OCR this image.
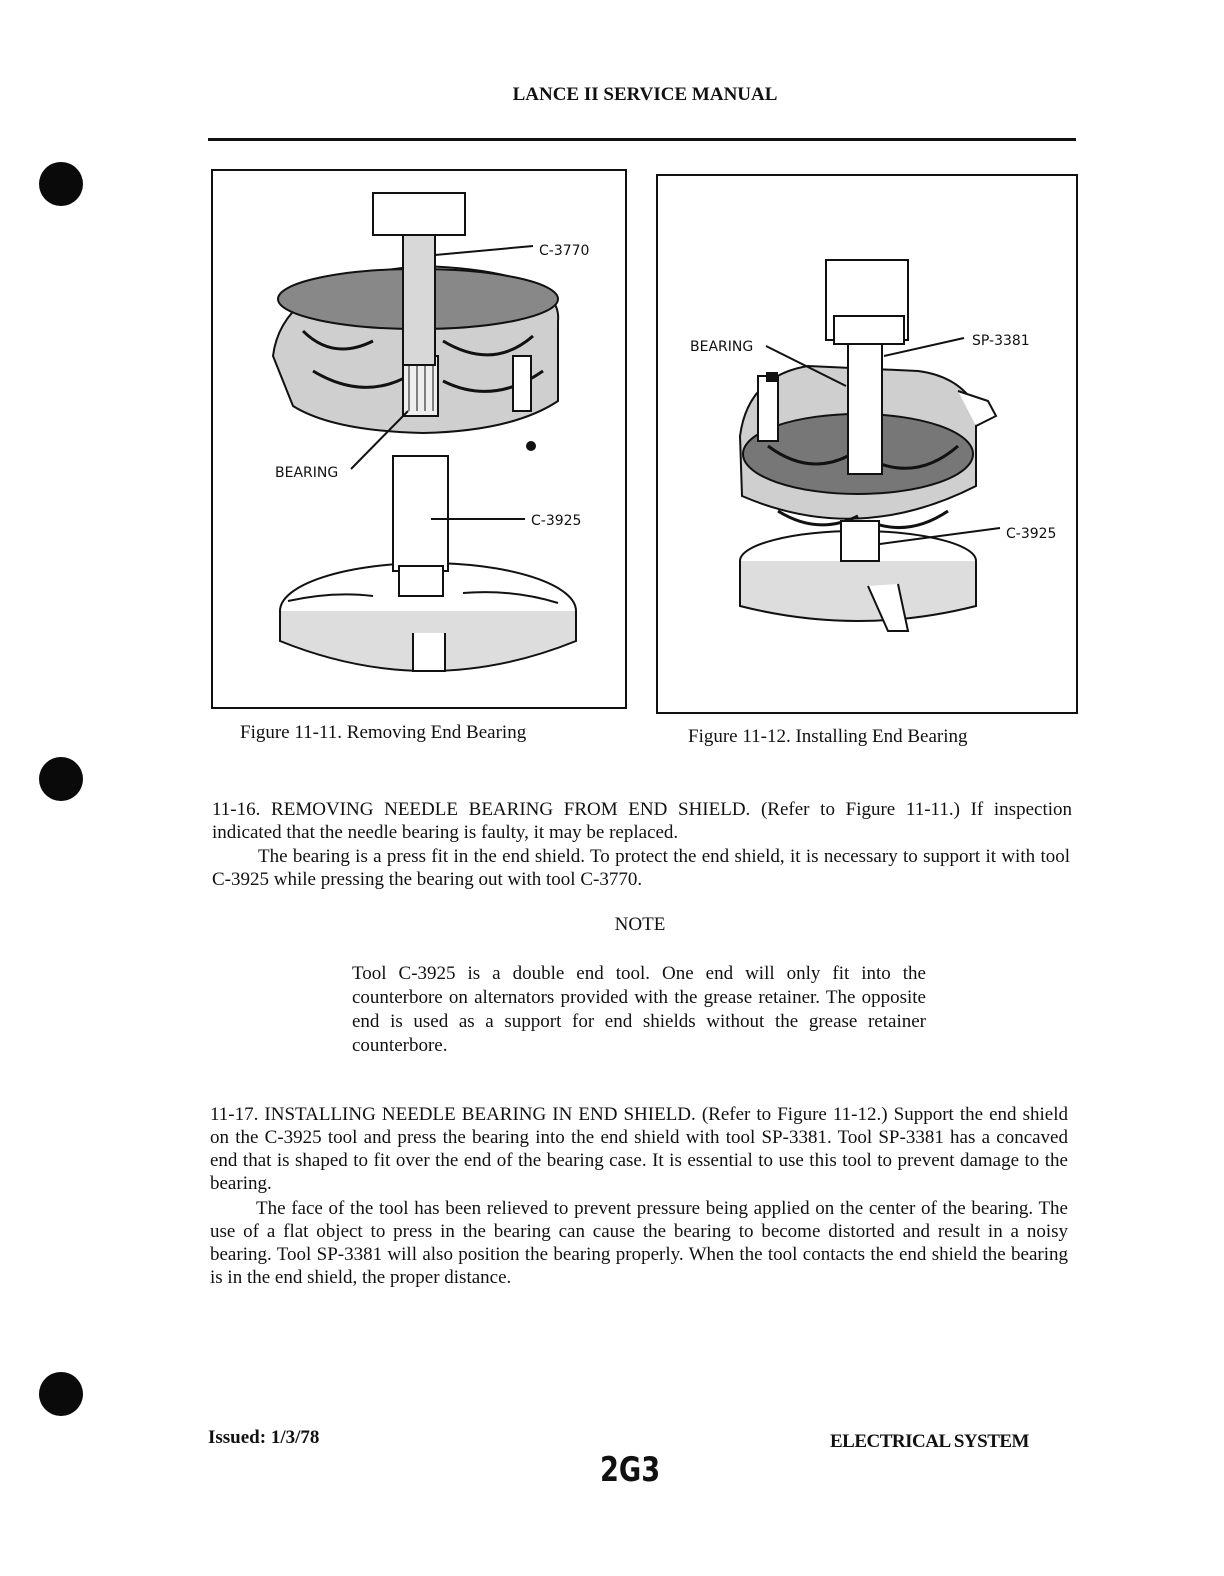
LANCE II SERVICE MANUAL
C-3770
BEARING
C-3925
Figure 11-11. Removing End Bearing
BEARING	SP-3381
C-3925
Figure 11-12. Installing End Bearing
11-16. REMOVING NEEDLE BEARING FROM END SHIELD. (Refer to Figure 11-11.) If inspection indicated that the needle bearing is faulty, it may be replaced.
The bearing is a press fit in the end shield. To protect the end shield, it is necessary to support it with tool C-3925 while pressing the bearing out with tool C-3770.
NOTE
Tool C-3925 is a double end tool. One end will only fit into the counterbore on alternators provided with the grease retainer. The opposite end is used as a support for end shields without the grease retainer counterbore.
11-17. INSTALLING NEEDLE BEARING IN END SHIELD. (Refer to Figure 11-12.) Support the end shield on the C-3925 tool and press the bearing into the end shield with tool SP-3381. Tool SP-3381 has a concaved end that is shaped to fit over the end of the bearing case. It is essential to use this tool to prevent damage to the bearing.
The face of the tool has been relieved to prevent pressure being applied on the center of the bearing. The use of a flat object to press in the bearing can cause the bearing to become distorted and result in a noisy bearing. Tool SP-3381 will also position the bearing properly. When the tool contacts the end shield the bearing is in the end shield, the proper distance.
Issued: 1/3/78	ELECTRICAL SYSTEM
2G3
